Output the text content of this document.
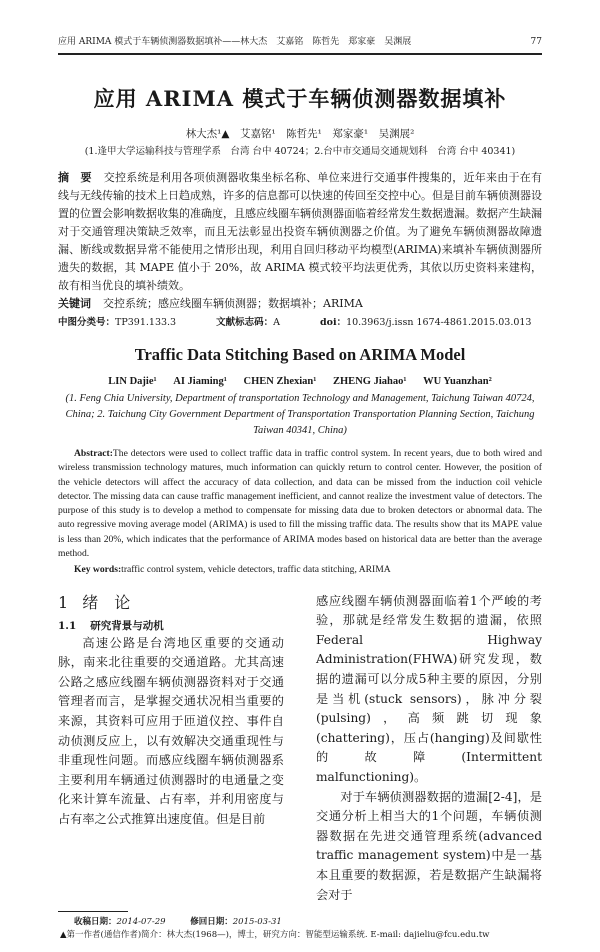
应用 ARIMA 模式于车辆侦测器数据填补——林大杰　艾嘉铭　陈哲先　郑家豪　吴渊展	77
应用 ARIMA 模式于车辆侦测器数据填补
林大杰¹▲　艾嘉铭¹　陈哲先¹　郑家豪¹　吴渊展²
(1.逢甲大学运输科技与管理学系　台湾 台中 40724；2.台中市交通局交通规划科　台湾 台中 40341)
摘　要 交控系统是利用各项侦测器收集坐标名称、单位来进行交通事件搜集的，近年来由于在有线与无线传输的技术上日趋成熟，许多的信息都可以快速的传回至交控中心。但是目前车辆侦测器设置的位置会影响数据收集的准确度，且感应线圈车辆侦测器面临着经常发生数据遗漏。数据产生缺漏对于交通管理决策缺乏效率，而且无法彰显出投资车辆侦测器之价值。为了避免车辆侦测器故障遗漏、断线或数据异常不能使用之情形出现，利用自回归移动平均模型(ARIMA)来填补车辆侦测器所遗失的数据，其 MAPE 值小于 20%，故 ARIMA 模式较平均法更优秀，其依以历史资料来建构，故有相当优良的填补绩效。
关键词 交控系统；感应线圈车辆侦测器；数据填补；ARIMA
中图分类号：TP391.133.3	文献标志码：A	doi：10.3963/j.issn 1674-4861.2015.03.013
Traffic Data Stitching Based on ARIMA Model
LIN Dajie¹ AI Jiaming¹ CHEN Zhexian¹ ZHENG Jiahao¹ WU Yuanzhan²
(1. Feng Chia University, Department of transportation Technology and Management, Taichung Taiwan 40724, China; 2. Taichung City Government Department of Transportation Transportation Planning Section, Taichung Taiwan 40341, China)
Abstract:The detectors were used to collect traffic data in traffic control system. In recent years, due to both wired and wireless transmission technology matures, much information can quickly return to control center. However, the position of the vehicle detectors will affect the accuracy of data collection, and data can be missed from the induction coil vehicle detector. The missing data can cause traffic management inefficient, and cannot realize the investment value of detectors. The purpose of this study is to develop a method to compensate for missing data due to broken detectors or abnormal data. The auto regressive moving average model (ARIMA) is used to fill the missing traffic data. The results show that its MAPE value is less than 20%, which indicates that the performance of ARIMA modes based on historical data are better than the average method.
Key words:traffic control system, vehicle detectors, traffic data stitching, ARIMA
1 绪　论
1.1 研究背景与动机

高速公路是台湾地区重要的交通动脉，南来北往重要的交通道路。尤其高速公路之感应线圈车辆侦测器资料对于交通管理者而言，是掌握交通状况相当重要的来源，其资料可应用于匝道仪控、事件自动侦测反应上，以有效解决交通重现性与非重现性问题。而感应线圈车辆侦测器系主要利用车辆通过侦测器时的电通量之变化来计算车流量、占有率，并利用密度与占有率之公式推算出速度值。但是目前

感应线圈车辆侦测器面临着1个严峻的考验，那就是经常发生数据的遗漏，依照 Federal Highway Administration(FHWA)研究发现，数据的遗漏可以分成5种主要的原因，分别是当机(stuck sensors)，脉冲分裂(pulsing)，高频跳切现象(chattering)，压占(hanging)及间歇性的故障(Intermittent malfunctioning)。

对于车辆侦测器数据的遗漏[2-4]，是交通分析上相当大的1个问题，车辆侦测器数据在先进交通管理系统(advanced traffic management system)中是一基本且重要的数据源，若是数据产生缺漏将会对于

收稿日期：2014-07-29	修回日期：2015-03-31
▲第一作者(通信作者)简介：林大杰(1968—)，博士，研究方向：智能型运输系统. E-mail: dajieliu@fcu.edu.tw
